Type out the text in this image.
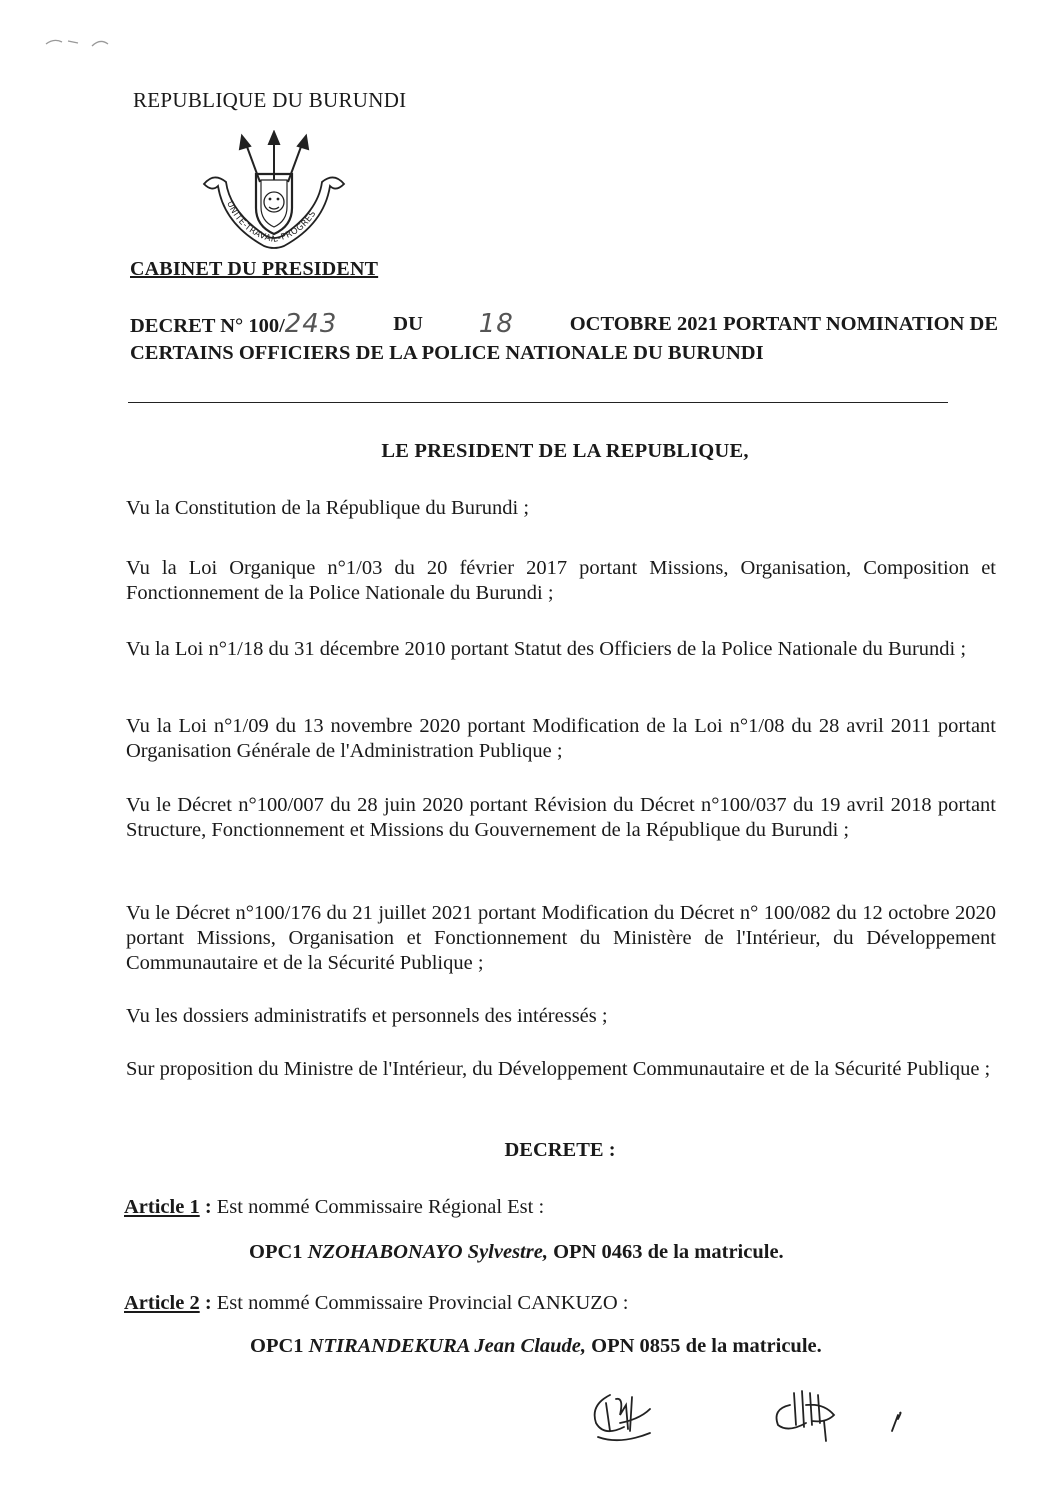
REPUBLIQUE DU BURUNDI
UNITE-TRAVAIL-PROGRES
CABINET DU PRESIDENT
DECRET N° 100/243	DU 18	OCTOBRE 2021 PORTANT NOMINATION DE
CERTAINS OFFICIERS DE LA POLICE NATIONALE DU BURUNDI
LE PRESIDENT DE LA REPUBLIQUE,
Vu la Constitution de la République du Burundi ;
Vu la Loi Organique n°1/03 du 20 février 2017 portant Missions, Organisation, Composition et Fonctionnement de la Police Nationale du Burundi ;
Vu la Loi n°1/18 du 31 décembre 2010 portant Statut des Officiers de la Police Nationale du Burundi ;
Vu la Loi n°1/09 du 13 novembre 2020 portant Modification de la Loi n°1/08 du 28 avril 2011 portant Organisation Générale de l'Administration Publique ;
Vu le Décret n°100/007 du 28 juin 2020 portant Révision du Décret n°100/037 du 19 avril 2018 portant Structure, Fonctionnement et Missions du Gouvernement de la République du Burundi ;
Vu le Décret n°100/176 du 21 juillet 2021 portant Modification du Décret n° 100/082 du 12 octobre 2020 portant Missions, Organisation et Fonctionnement du Ministère de l'Intérieur, du Développement Communautaire et de la Sécurité Publique ;
Vu les dossiers administratifs et personnels des intéressés ;
Sur proposition du Ministre de l'Intérieur, du Développement Communautaire et de la Sécurité Publique ;
DECRETE :
Article 1 : Est nommé Commissaire Régional Est :
OPC1 NZOHABONAYO Sylvestre, OPN 0463 de la matricule.
Article 2 : Est nommé Commissaire Provincial CANKUZO :
OPC1 NTIRANDEKURA Jean Claude, OPN 0855 de la matricule.
